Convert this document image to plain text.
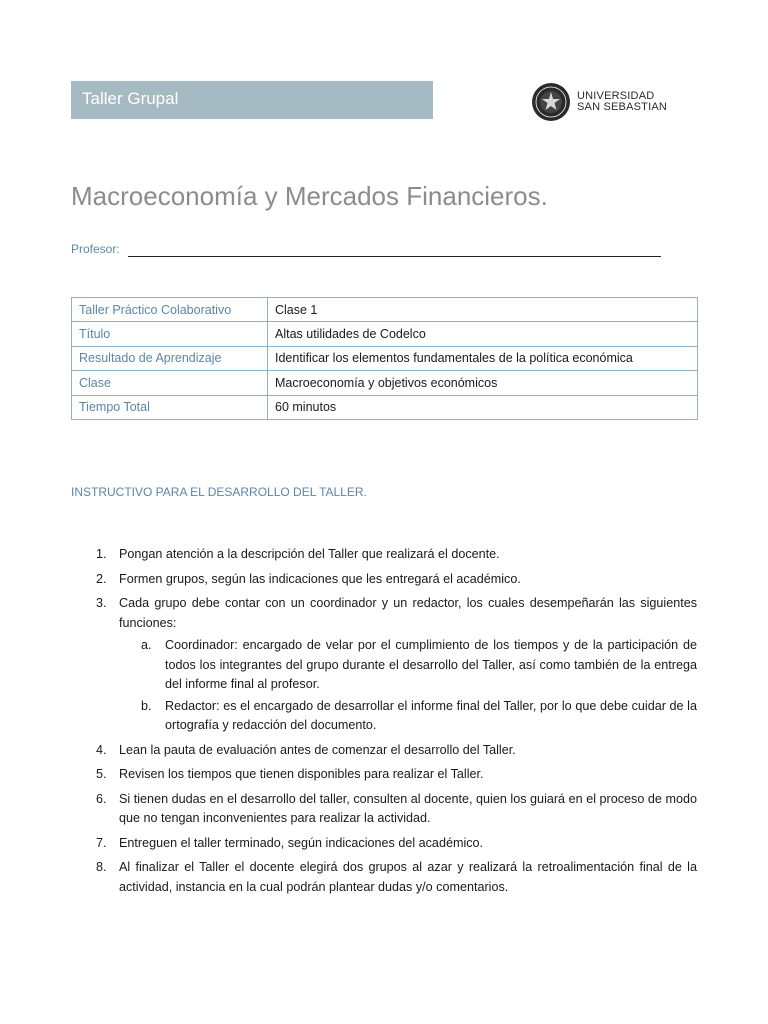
Taller Grupal	UNIVERSIDAD
SAN SEBASTIAN
Macroeconomía y Mercados Financieros.
Profesor:
Taller Práctico Colaborativo	Clase 1
Título	Altas utilidades de Codelco
Resultado de Aprendizaje	Identificar los elementos fundamentales de la política económica
Clase	Macroeconomía y objetivos económicos
Tiempo Total	60 minutos
INSTRUCTIVO PARA EL DESARROLLO DEL TALLER.
1. Pongan atención a la descripción del Taller que realizará el docente.
2. Formen grupos, según las indicaciones que les entregará el académico.
3. Cada grupo debe contar con un coordinador y un redactor, los cuales desempeñarán las siguientes funciones:
a. Coordinador: encargado de velar por el cumplimiento de los tiempos y de la participación de todos los integrantes del grupo durante el desarrollo del Taller, así como también de la entrega del informe final al profesor.
b. Redactor: es el encargado de desarrollar el informe final del Taller, por lo que debe cuidar de la ortografía y redacción del documento.
4. Lean la pauta de evaluación antes de comenzar el desarrollo del Taller.
5. Revisen los tiempos que tienen disponibles para realizar el Taller.
6. Si tienen dudas en el desarrollo del taller, consulten al docente, quien los guiará en el proceso de modo que no tengan inconvenientes para realizar la actividad.
7. Entreguen el taller terminado, según indicaciones del académico.
8. Al finalizar el Taller el docente elegirá dos grupos al azar y realizará la retroalimentación final de la actividad, instancia en la cual podrán plantear dudas y/o comentarios.
